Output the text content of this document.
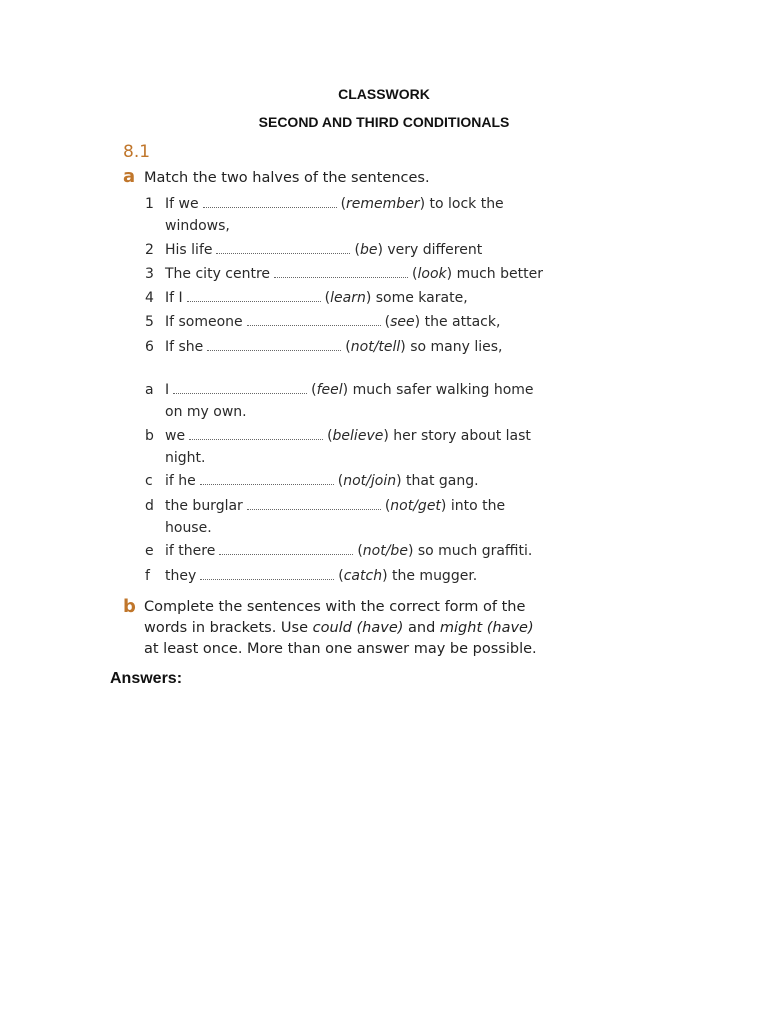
CLASSWORK
SECOND AND THIRD CONDITIONALS
8.1
a Match the two halves of the sentences.
1 If we	(remember) to lock the
windows,
2 His life	(be) very different
3 The city centre	(look) much better
4 If I	(learn) some karate,
5 If someone	(see) the attack,
6 If she	(not/tell) so many lies,
a I	(feel) much safer walking home
on my own.
b we	(believe) her story about last
night.
c if he	(not/join) that gang.
d the burglar	(not/get) into the
house.
e if there	(not/be) so much graffiti.
f they	(catch) the mugger.
b Complete the sentences with the correct form of the
words in brackets. Use could (have) and might (have)
at least once. More than one answer may be possible.
Answers:
